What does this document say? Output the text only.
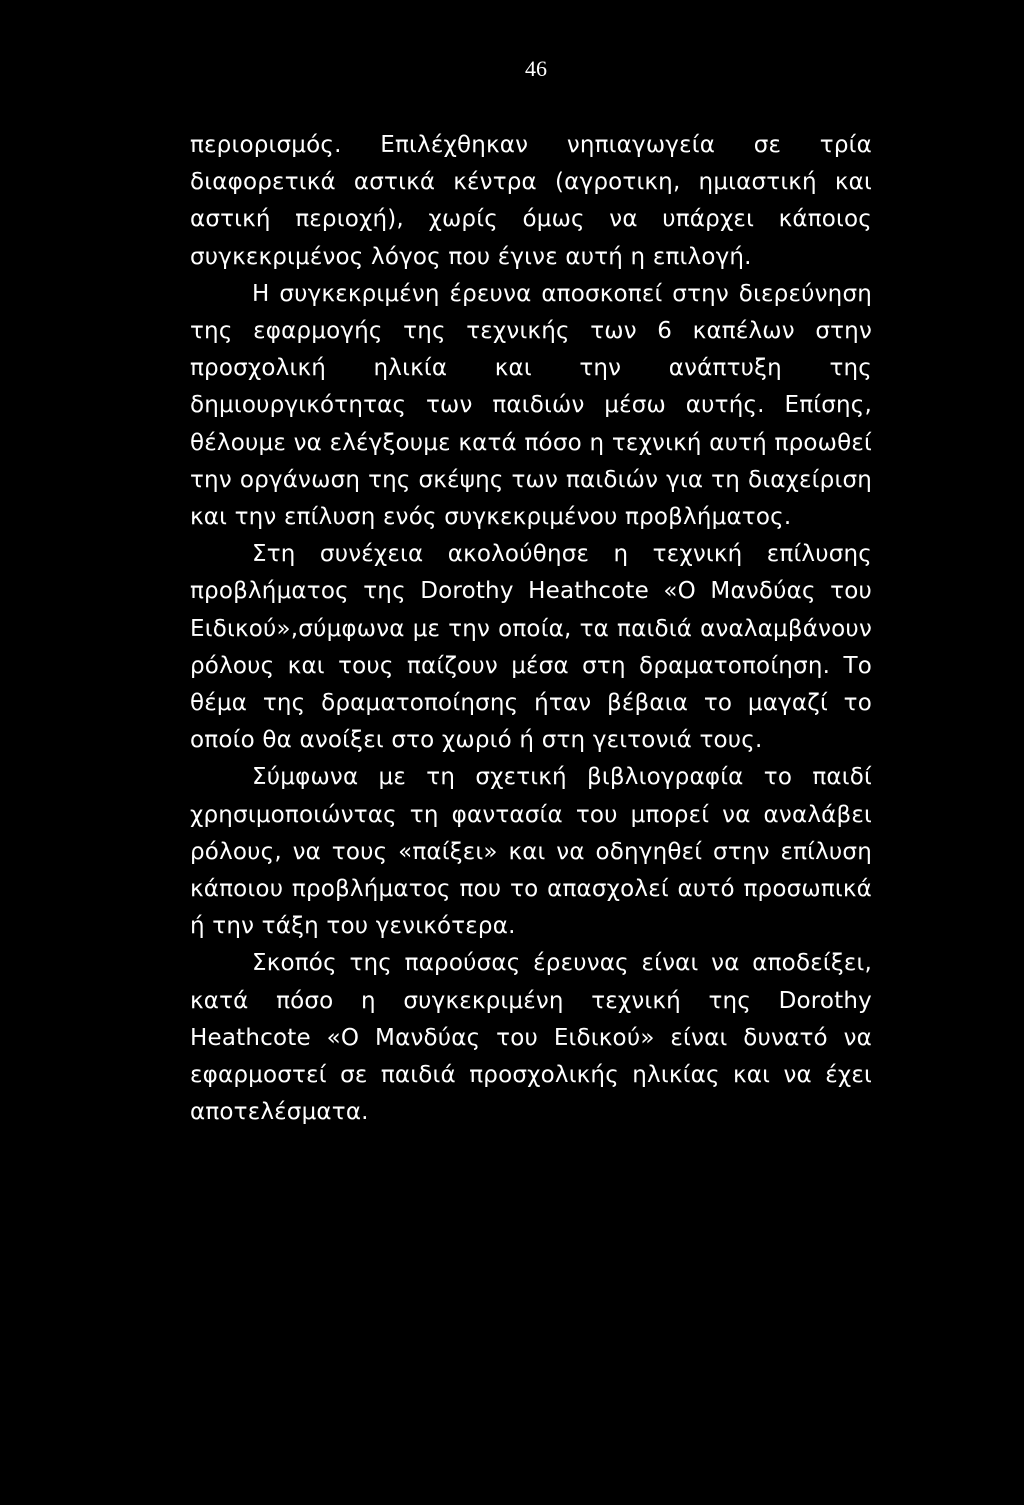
46

περιορισμός. Επιλέχθηκαν νηπιαγωγεία σε τρία διαφορετικά αστικά κέντρα (αγροτικη, ημιαστική και αστική περιοχή), χωρίς όμως να υπάρχει κάποιος συγκεκριμένος λόγος που έγινε αυτή η επιλογή.

Η συγκεκριμένη έρευνα αποσκοπεί στην διερεύνηση της εφαρμογής της τεχνικής των 6 καπέλων στην προσχολική ηλικία και την ανάπτυξη της δημιουργικότητας των παιδιών μέσω αυτής. Επίσης, θέλουμε να ελέγξουμε κατά πόσο η τεχνική αυτή προωθεί την οργάνωση της σκέψης των παιδιών για τη διαχείριση και την επίλυση ενός συγκεκριμένου προβλήματος.

Στη συνέχεια ακολούθησε η τεχνική επίλυσης προβλήματος της Dorothy Heathcote «Ο Μανδύας του Ειδικού»,σύμφωνα με την οποία, τα παιδιά αναλαμβάνουν ρόλους και τους παίζουν μέσα στη δραματοποίηση. Το θέμα της δραματοποίησης ήταν βέβαια το μαγαζί το οποίο θα ανοίξει στο χωριό ή στη γειτονιά τους.

Σύμφωνα με τη σχετική βιβλιογραφία το παιδί χρησιμοποιώντας τη φαντασία του μπορεί να αναλάβει ρόλους, να τους «παίξει» και να οδηγηθεί στην επίλυση κάποιου προβλήματος που το απασχολεί αυτό προσωπικά ή την τάξη του γενικότερα.

Σκοπός της παρούσας έρευνας είναι να αποδείξει, κατά πόσο η συγκεκριμένη τεχνική της Dorothy Heathcote «Ο Μανδύας του Ειδικού» είναι δυνατό να εφαρμοστεί σε παιδιά προσχολικής ηλικίας και να έχει αποτελέσματα.
